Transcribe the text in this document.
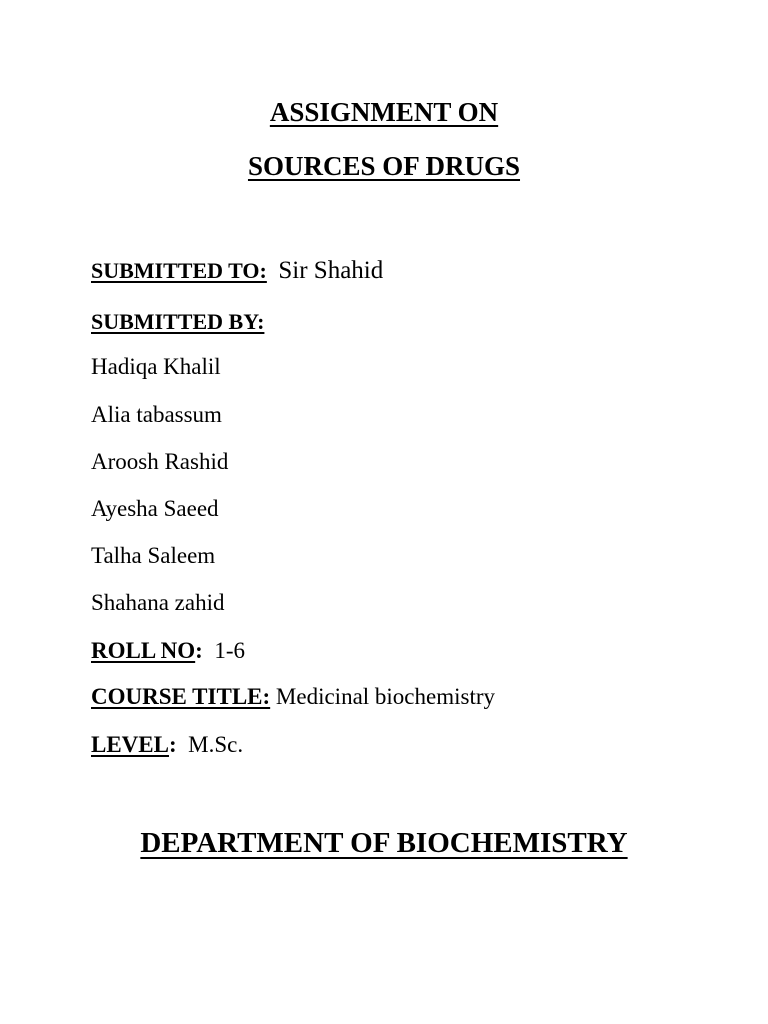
ASSIGNMENT ON
SOURCES OF DRUGS
SUBMITTED TO: Sir Shahid
SUBMITTED BY:
Hadiqa Khalil
Alia tabassum
Aroosh Rashid
Ayesha Saeed
Talha Saleem
Shahana zahid
ROLL NO: 1-6
COURSE TITLE: Medicinal biochemistry
LEVEL: M.Sc.
DEPARTMENT OF BIOCHEMISTRY
